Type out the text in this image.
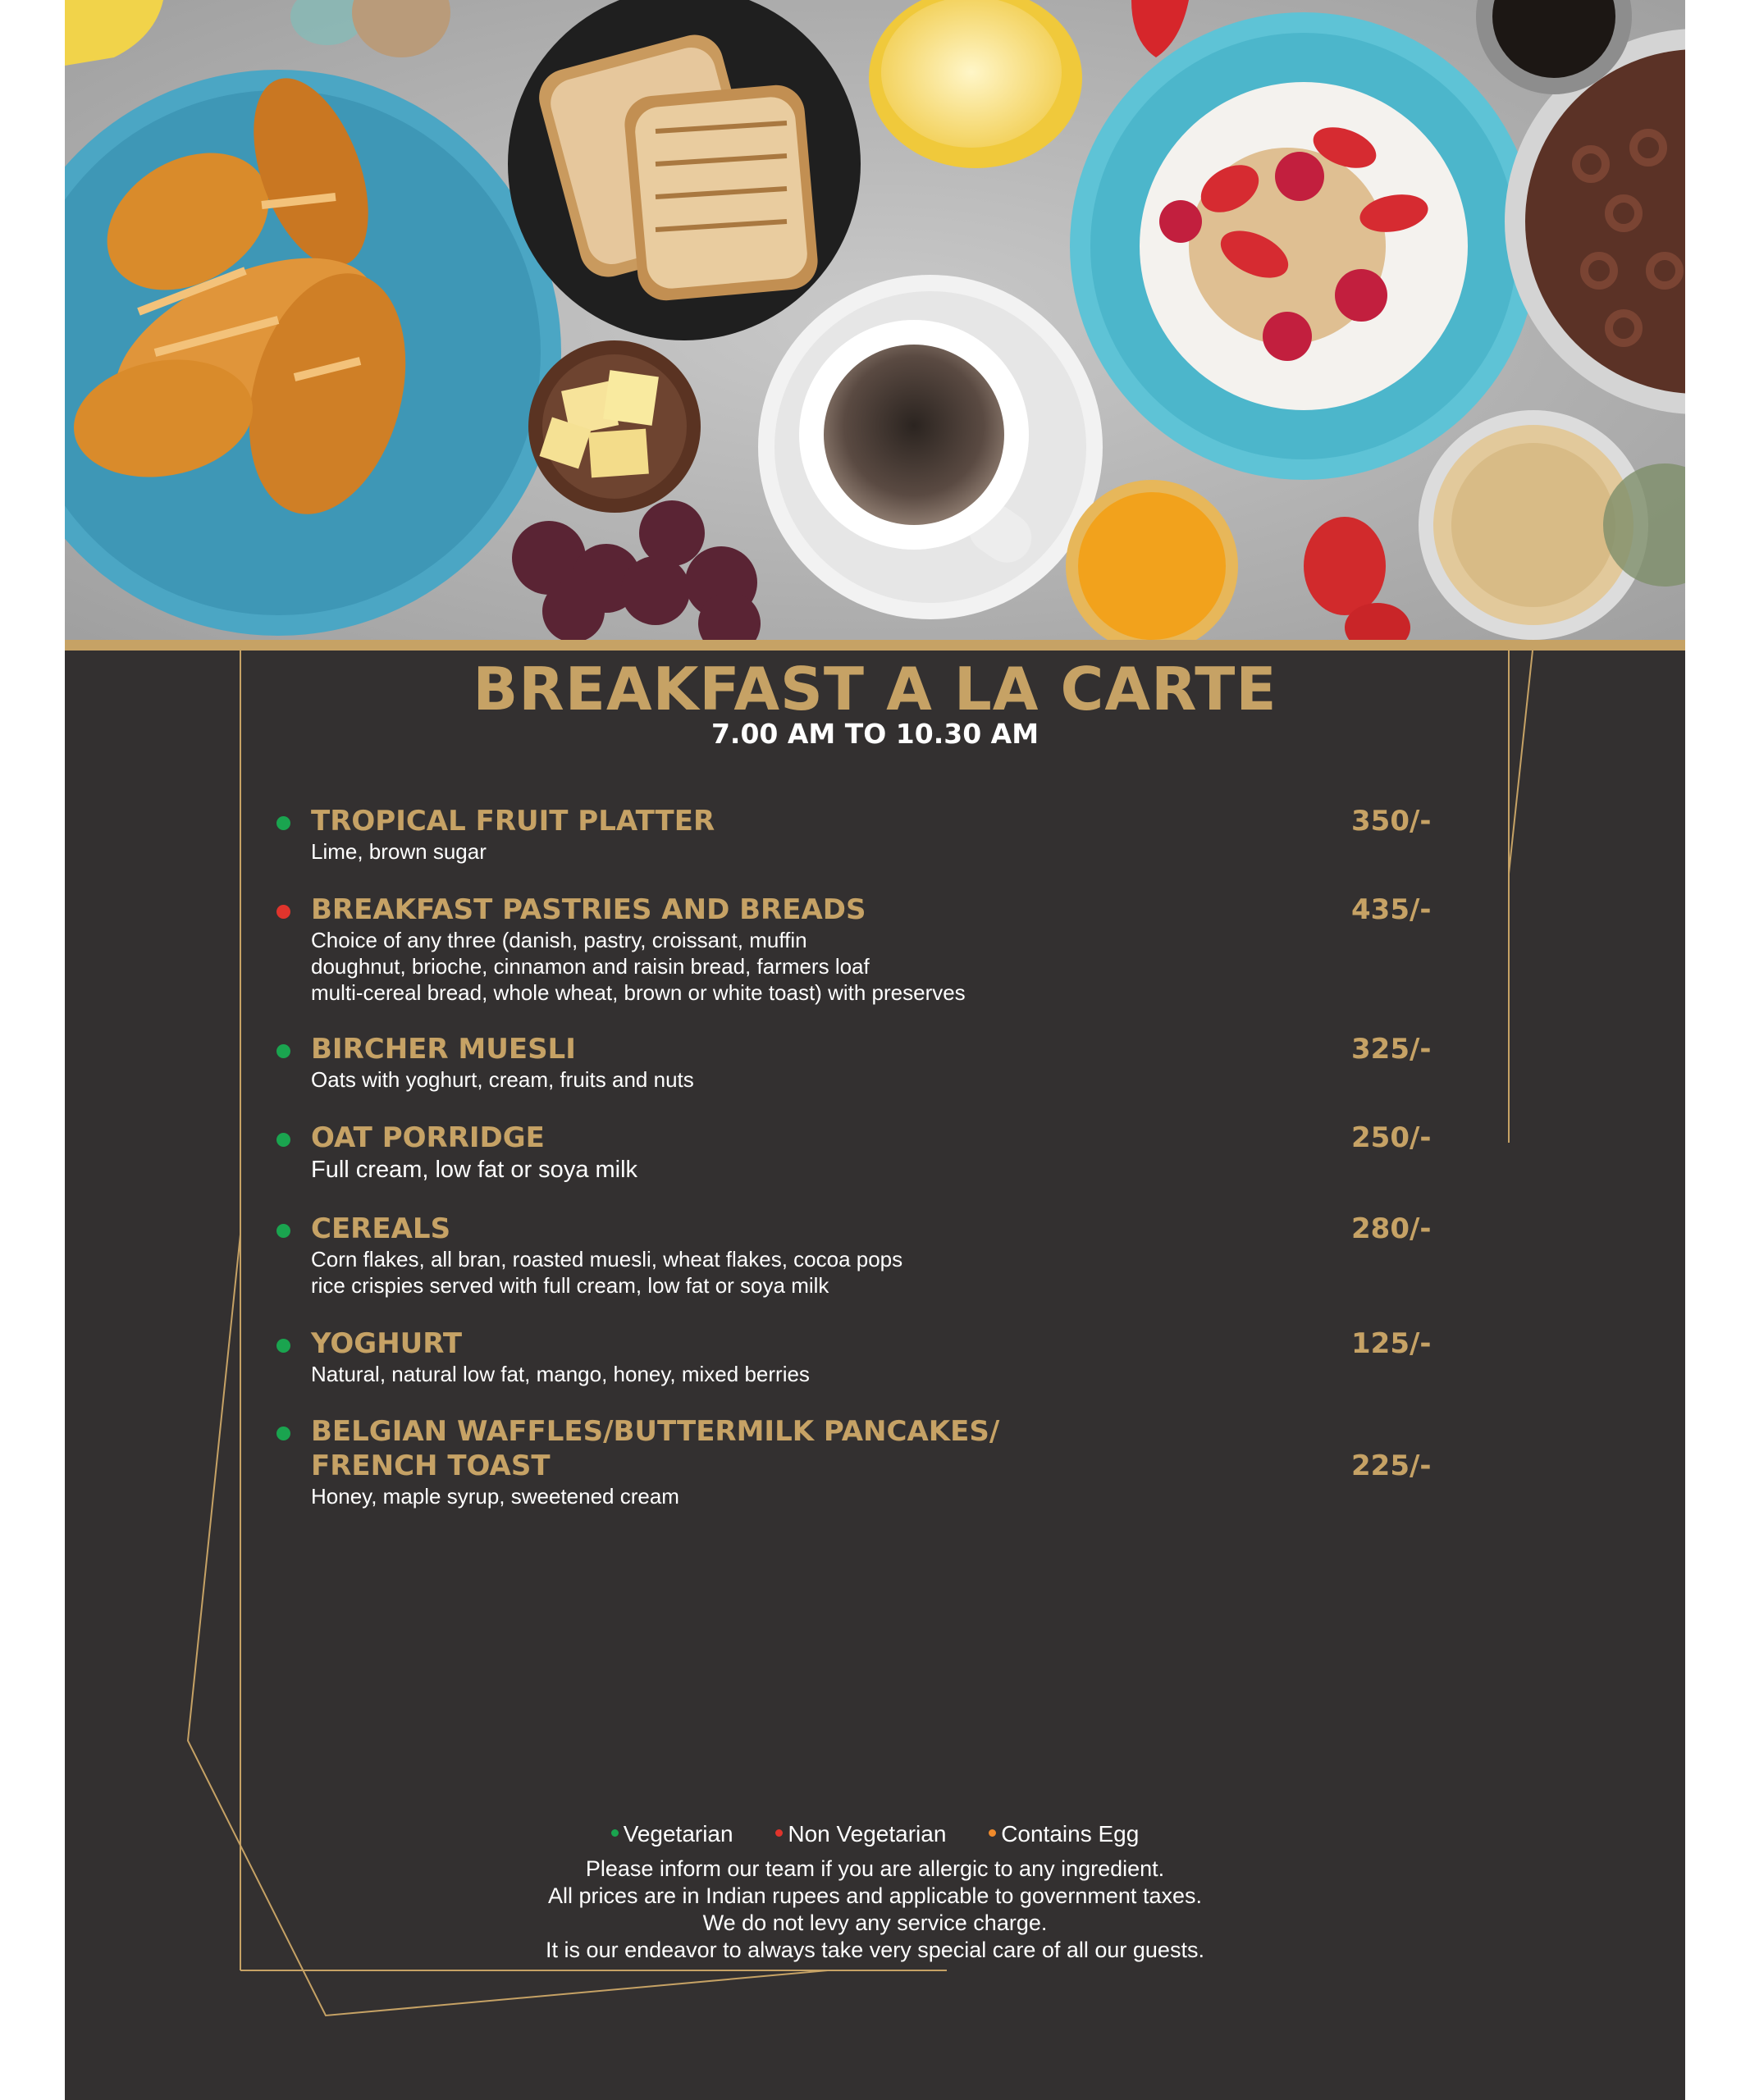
BREAKFAST A LA CARTE
7.00 AM TO 10.30 AM
TROPICAL FRUIT PLATTER	350/-
Lime, brown sugar
BREAKFAST PASTRIES AND BREADS	435/-
Choice of any three (danish, pastry, croissant, muffin
doughnut, brioche, cinnamon and raisin bread, farmers loaf
multi-cereal bread, whole wheat, brown or white toast) with preserves
BIRCHER MUESLI	325/-
Oats with yoghurt, cream, fruits and nuts
OAT PORRIDGE	250/-
Full cream, low fat or soya milk
CEREALS	280/-
Corn flakes, all bran, roasted muesli, wheat flakes, cocoa pops
rice crispies served with full cream, low fat or soya milk
YOGHURT	125/-
Natural, natural low fat, mango, honey, mixed berries
BELGIAN WAFFLES/BUTTERMILK PANCAKES/
FRENCH TOAST	225/-
Honey, maple syrup, sweetened cream
Vegetarian Non Vegetarian Contains Egg
Please inform our team if you are allergic to any ingredient.
All prices are in Indian rupees and applicable to government taxes.
We do not levy any service charge.
It is our endeavor to always take very special care of all our guests.
